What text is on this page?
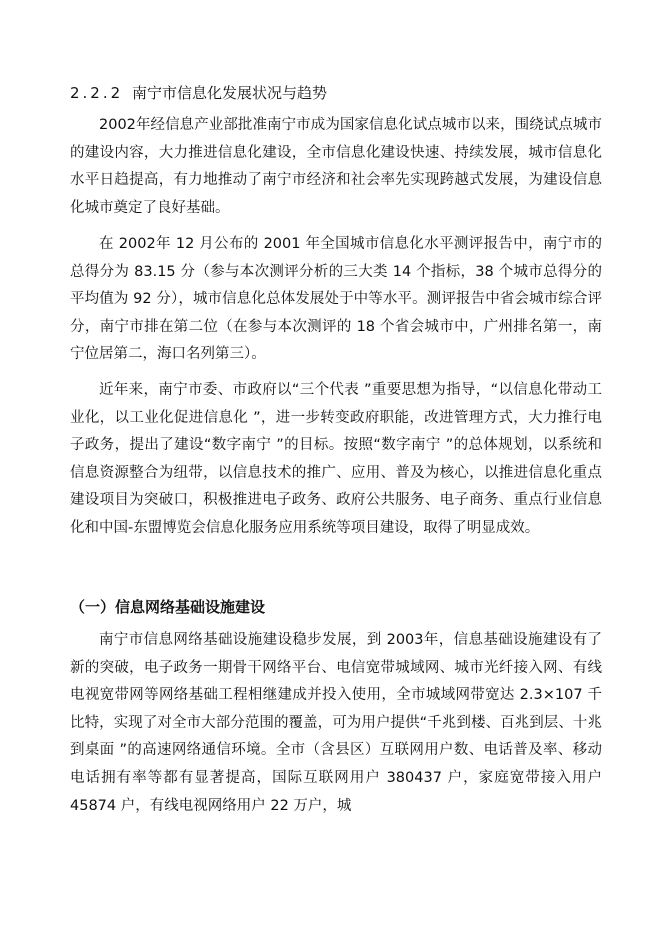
2.2.2 南宁市信息化发展状况与趋势

2002年经信息产业部批准南宁市成为国家信息化试点城市以来，围绕试点城市的建设内容，大力推进信息化建设，全市信息化建设快速、持续发展，城市信息化水平日趋提高，有力地推动了南宁市经济和社会率先实现跨越式发展，为建设信息化城市奠定了良好基础。

在 2002年 12 月公布的 2001 年全国城市信息化水平测评报告中，南宁市的总得分为 83.15 分（参与本次测评分析的三大类 14 个指标，38 个城市总得分的平均值为 92 分），城市信息化总体发展处于中等水平。测评报告中省会城市综合评分，南宁市排在第二位（在参与本次测评的 18 个省会城市中，广州排名第一，南宁位居第二，海口名列第三）。

近年来，南宁市委、市政府以“三个代表 ”重要思想为指导，“以信息化带动工业化，以工业化促进信息化 ”，进一步转变政府职能，改进管理方式，大力推行电子政务，提出了建设“数字南宁 ”的目标。按照“数字南宁 ”的总体规划，以系统和信息资源整合为纽带，以信息技术的推广、应用、普及为核心，以推进信息化重点建设项目为突破口，积极推进电子政务、政府公共服务、电子商务、重点行业信息化和中国-东盟博览会信息化服务应用系统等项目建设，取得了明显成效。

（一）信息网络基础设施建设

南宁市信息网络基础设施建设稳步发展，到 2003年，信息基础设施建设有了新的突破，电子政务一期骨干网络平台、电信宽带城域网、城市光纤接入网、有线电视宽带网等网络基础工程相继建成并投入使用，全市城域网带宽达 2.3×107 千比特，实现了对全市大部分范围的覆盖，可为用户提供“千兆到楼、百兆到层、十兆到桌面 ”的高速网络通信环境。全市（含县区）互联网用户数、电话普及率、移动电话拥有率等都有显著提高，国际互联网用户 380437 户，家庭宽带接入用户 45874 户，有线电视网络用户 22 万户，城
